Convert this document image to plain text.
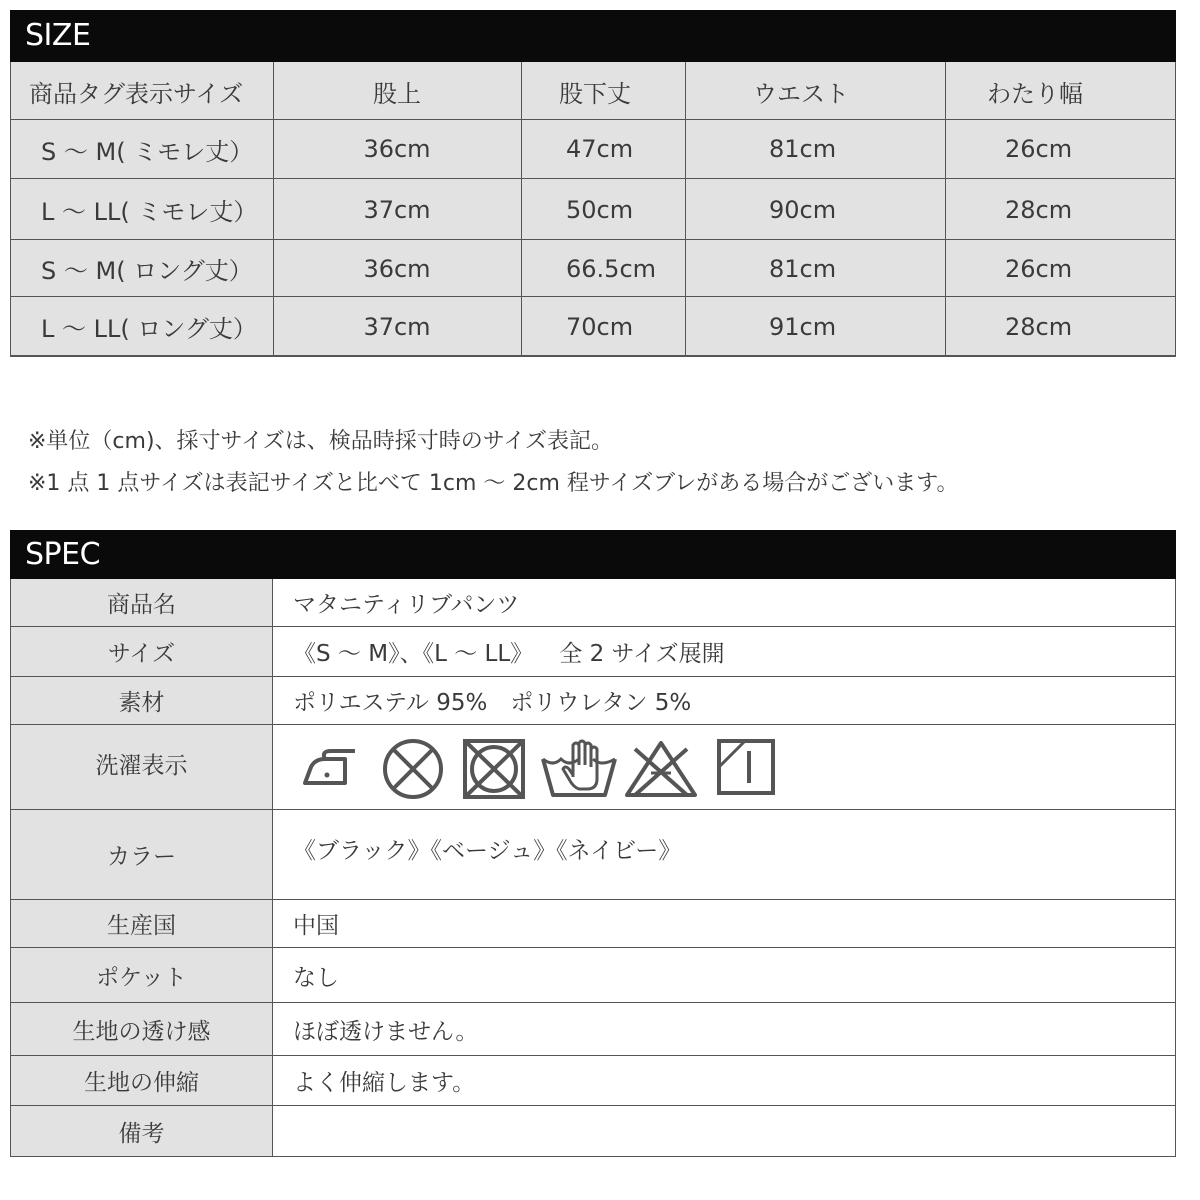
SIZE
商品タグ表示サイズ	股上	股下丈	ウエスト	わたり幅
S ～ M( ミモレ丈）	36cm	47cm	81cm	26cm
L ～ LL( ミモレ丈）	37cm	50cm	90cm	28cm
S ～ M( ロング丈）	36cm	66.5cm	81cm	26cm
L ～ LL( ロング丈）	37cm	70cm	91cm	28cm
※単位（cm)、採寸サイズは、検品時採寸時のサイズ表記。
※1 点 1 点サイズは表記サイズと比べて 1cm ～ 2cm 程サイズブレがある場合がございます。
SPEC
商品名	マタニティリブパンツ
サイズ	《S ～ M》、《L ～ LL》　  全 2 サイズ展開
素材	ポリエステル 95%　ポリウレタン 5%
洗濯表示
カラー	《ブラック》《ベージュ》《ネイビー》
生産国	中国
ポケット	なし
生地の透け感	ほぼ透けません。
生地の伸縮	よく伸縮します。
備考
